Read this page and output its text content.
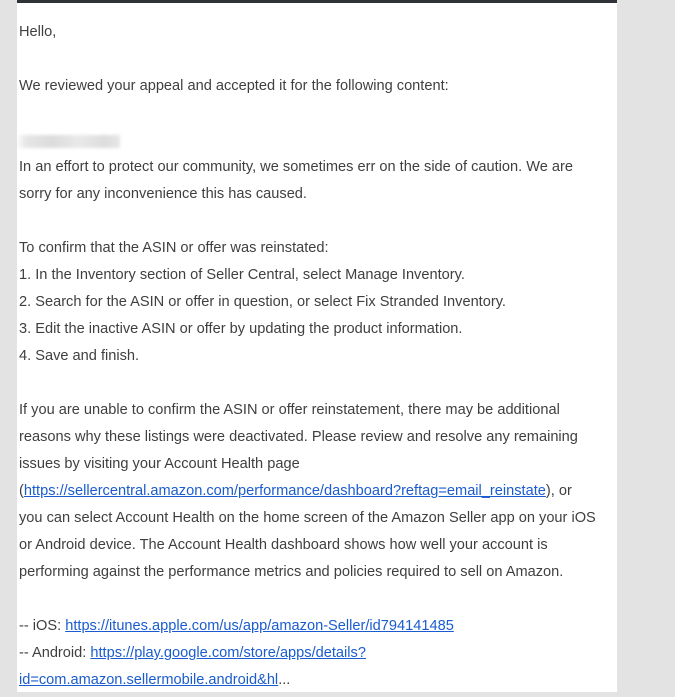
Hello,
We reviewed your appeal and accepted it for the following content:
In an effort to protect our community, we sometimes err on the side of caution. We are
sorry for any inconvenience this has caused.
To confirm that the ASIN or offer was reinstated:
1. In the Inventory section of Seller Central, select Manage Inventory.
2. Search for the ASIN or offer in question, or select Fix Stranded Inventory.
3. Edit the inactive ASIN or offer by updating the product information.
4. Save and finish.
If you are unable to confirm the ASIN or offer reinstatement, there may be additional
reasons why these listings were deactivated. Please review and resolve any remaining
issues by visiting your Account Health page
(https://sellercentral.amazon.com/performance/dashboard?reftag=email_reinstate), or
you can select Account Health on the home screen of the Amazon Seller app on your iOS
or Android device. The Account Health dashboard shows how well your account is
performing against the performance metrics and policies required to sell on Amazon.
-- iOS: https://itunes.apple.com/us/app/amazon-Seller/id794141485
-- Android: https://play.google.com/store/apps/details?
id=com.amazon.sellermobile.android&hl...
